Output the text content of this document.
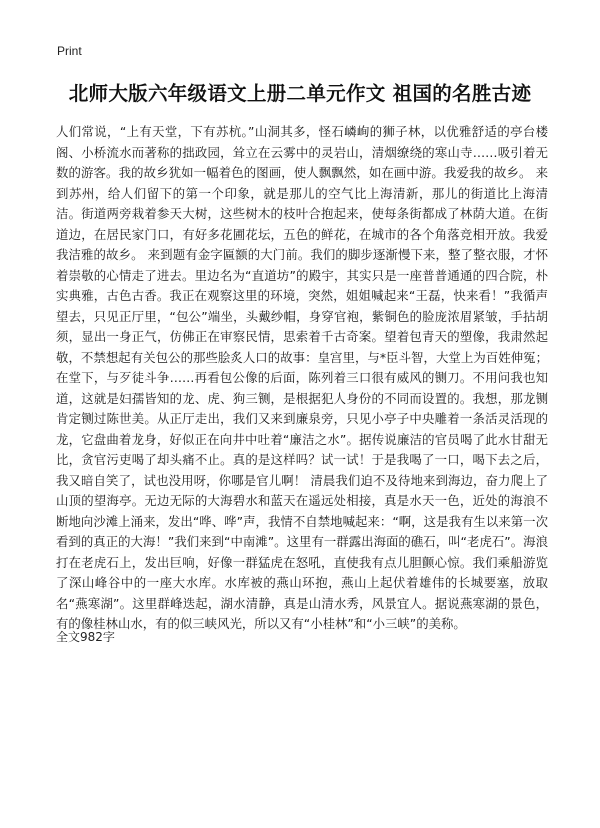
Print
北师大版六年级语文上册二单元作文 祖国的名胜古迹

人们常说，“上有天堂，下有苏杭。”山洞其多，怪石嶙峋的狮子林，以优雅舒适的亭台楼阁、小桥流水而著称的拙政园，耸立在云雾中的灵岩山，清烟缭绕的寒山寺……吸引着无数的游客。我的故乡犹如一幅着色的图画，使人飘飘然，如在画中游。我爱我的故乡。 来到苏州，给人们留下的第一个印象，就是那儿的空气比上海清新，那儿的街道比上海清洁。街道两旁栽着参天大树，这些树木的枝叶合抱起来，使每条街都成了林荫大道。在街道边，在居民家门口，有好多花圃花坛，五色的鲜花，在城市的各个角落竞相开放。我爱我洁雅的故乡。 来到题有金字匾额的大门前。我们的脚步逐渐慢下来，整了整衣服，才怀着崇敬的心情走了进去。里边名为“直道坊”的殿宇，其实只是一座普普通通的四合院，朴实典雅，古色古香。我正在观察这里的环境，突然，姐姐喊起来“王磊，快来看！”我循声望去，只见正厅里，“包公”端坐，头戴纱帽，身穿官袍，紫铜色的脸庞浓眉紧皱，手拈胡须，显出一身正气，仿佛正在审察民情，思索着千古奇案。望着包青天的塑像，我肃然起敬，不禁想起有关包公的那些脍炙人口的故事：皇宫里，与*臣斗智，大堂上为百姓伸冤；在堂下，与歹徒斗争……再看包公像的后面，陈列着三口很有威风的铡刀。不用问我也知道，这就是妇孺皆知的龙、虎、狗三铡，是根据犯人身份的不同而设置的。我想，那龙铡肯定铡过陈世美。从正厅走出，我们又来到廉泉旁，只见小亭子中央雕着一条活灵活现的龙，它盘曲着龙身，好似正在向井中吐着“廉洁之水”。据传说廉洁的官员喝了此水甘甜无比，贪官污吏喝了却头痛不止。真的是这样吗？试一试！于是我喝了一口，喝下去之后，我又暗自笑了，试也没用呀，你哪是官儿啊！ 清晨我们迫不及待地来到海边，奋力爬上了山顶的望海亭。无边无际的大海碧水和蓝天在遥远处相接，真是水天一色，近处的海浪不断地向沙滩上涌来，发出“哗、哗”声，我情不自禁地喊起来：“啊，这是我有生以来第一次看到的真正的大海！”我们来到“中南滩”。这里有一群露出海面的礁石，叫“老虎石”。海浪打在老虎石上，发出巨响，好像一群猛虎在怒吼，直使我有点儿胆颤心惊。我们乘船游览了深山峰谷中的一座大水库。水库被的燕山环抱，燕山上起伏着雄伟的长城要塞，放取名“燕寒湖”。这里群峰迭起，湖水清静，真是山清水秀，风景宜人。据说燕寒湖的景色，有的像桂林山水，有的似三峡风光，所以又有“小桂林”和“小三峡”的美称。

全文982字
